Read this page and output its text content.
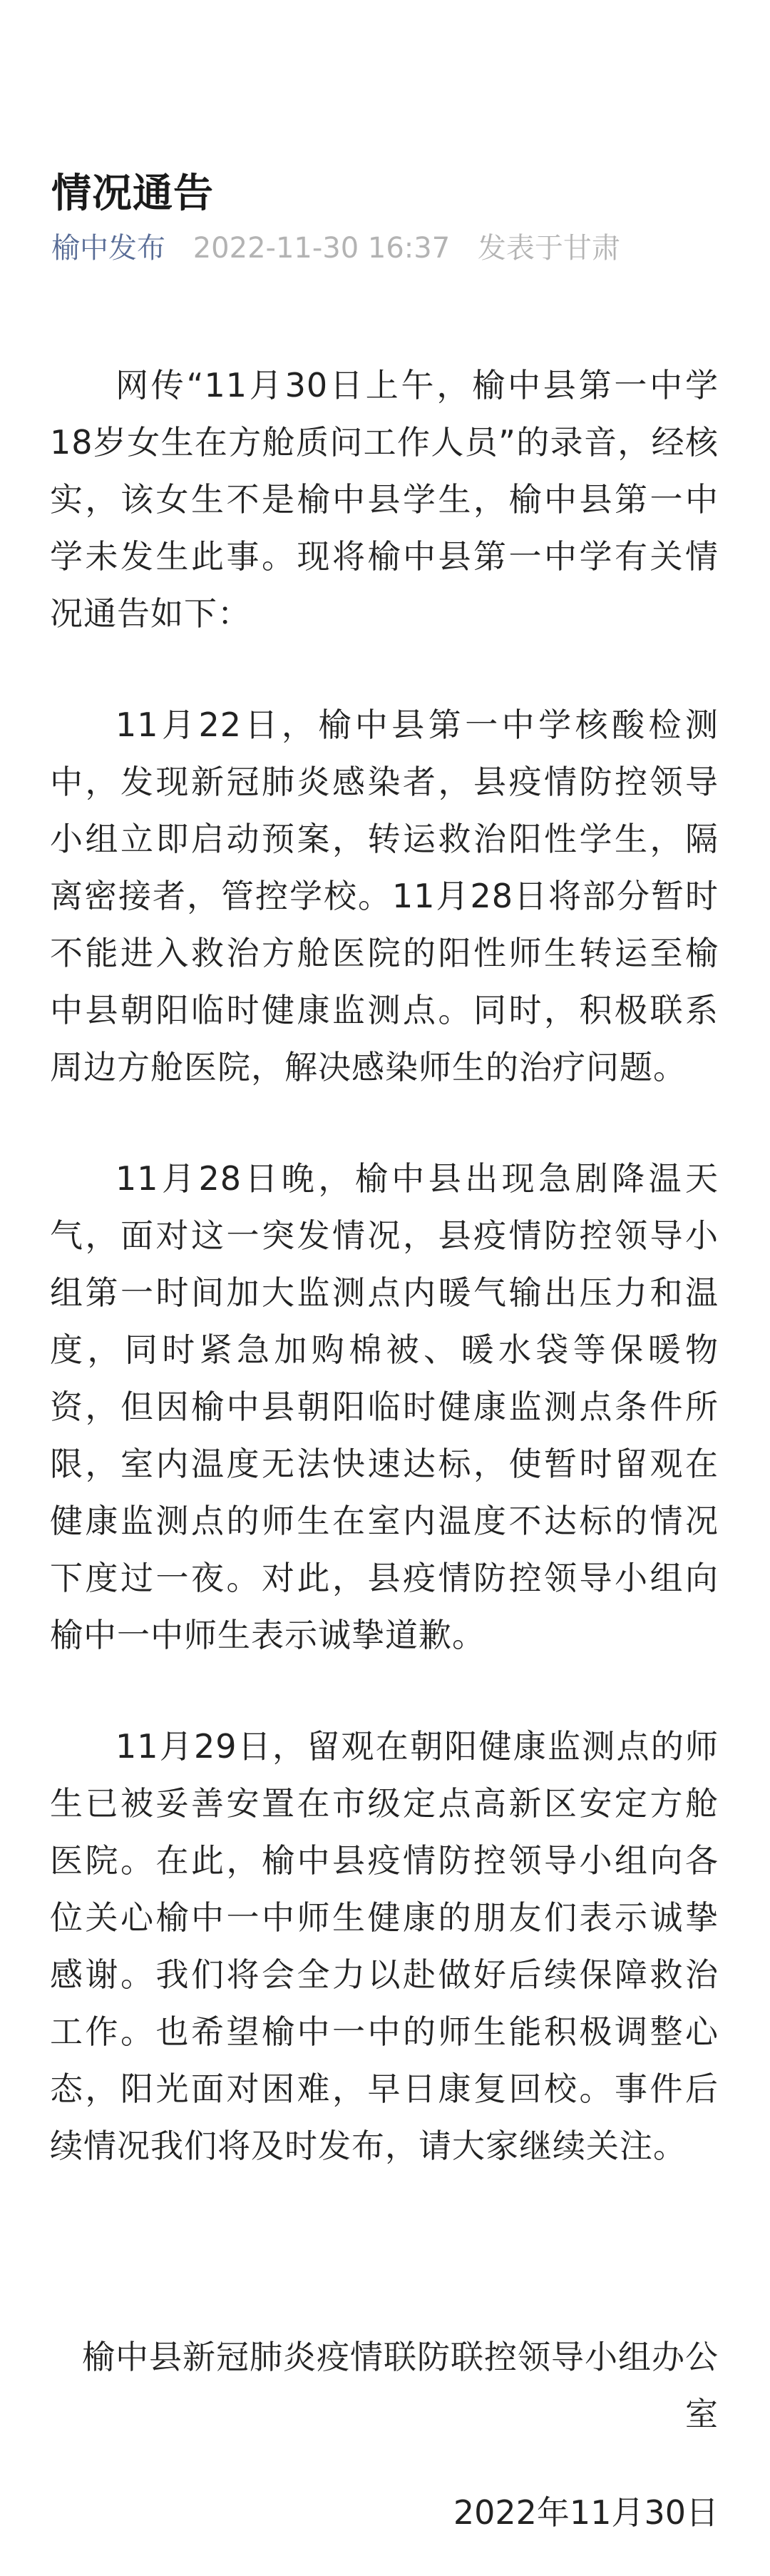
情况通告
榆中发布 2022-11-30 16:37 发表于甘肃

网传“11月30日上午，榆中县第一中学18岁女生在方舱质问工作人员”的录音，经核实，该女生不是榆中县学生，榆中县第一中学未发生此事。现将榆中县第一中学有关情况通告如下：

11月22日，榆中县第一中学核酸检测中，发现新冠肺炎感染者，县疫情防控领导小组立即启动预案，转运救治阳性学生，隔离密接者，管控学校。11月28日将部分暂时不能进入救治方舱医院的阳性师生转运至榆中县朝阳临时健康监测点。同时，积极联系周边方舱医院，解决感染师生的治疗问题。

11月28日晚，榆中县出现急剧降温天气，面对这一突发情况，县疫情防控领导小组第一时间加大监测点内暖气输出压力和温度，同时紧急加购棉被、暖水袋等保暖物资，但因榆中县朝阳临时健康监测点条件所限，室内温度无法快速达标，使暂时留观在健康监测点的师生在室内温度不达标的情况下度过一夜。对此，县疫情防控领导小组向榆中一中师生表示诚挚道歉。

11月29日，留观在朝阳健康监测点的师生已被妥善安置在市级定点高新区安定方舱医院。在此，榆中县疫情防控领导小组向各位关心榆中一中师生健康的朋友们表示诚挚感谢。我们将会全力以赴做好后续保障救治工作。也希望榆中一中的师生能积极调整心态，阳光面对困难，早日康复回校。事件后续情况我们将及时发布，请大家继续关注。

榆中县新冠肺炎疫情联防联控领导小组办公室
2022年11月30日
